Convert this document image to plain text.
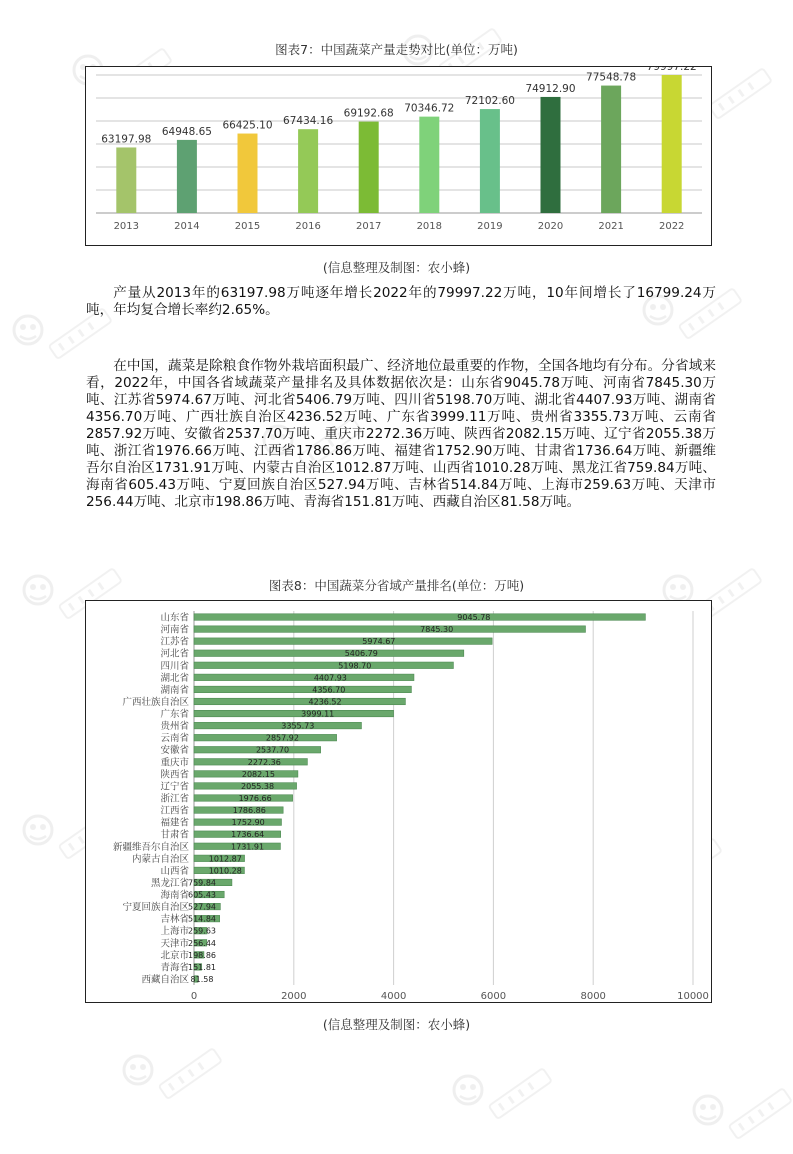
图表7：中国蔬菜产量走势对比(单位：万吨)
63197.98
2013
64948.65
2014
66425.10
2015
67434.16
2016
69192.68
2017
70346.72
2018
72102.60
2019
74912.90
2020
77548.78
2021
79997.22
2022
(信息整理及制图：农小蜂)

产量从2013年的63197.98万吨逐年增长2022年的79997.22万吨，10年间增长了16799.24万吨，年均复合增长率约2.65%。

在中国，蔬菜是除粮食作物外栽培面积最广、经济地位最重要的作物，全国各地均有分布。分省域来看，2022年，中国各省域蔬菜产量排名及具体数据依次是：山东省9045.78万吨、河南省7845.30万吨、江苏省5974.67万吨、河北省5406.79万吨、四川省5198.70万吨、湖北省4407.93万吨、湖南省4356.70万吨、广西壮族自治区4236.52万吨、广东省3999.11万吨、贵州省3355.73万吨、云南省2857.92万吨、安徽省2537.70万吨、重庆市2272.36万吨、陕西省2082.15万吨、辽宁省2055.38万吨、浙江省1976.66万吨、江西省1786.86万吨、福建省1752.90万吨、甘肃省1736.64万吨、新疆维吾尔自治区1731.91万吨、内蒙古自治区1012.87万吨、山西省1010.28万吨、黑龙江省759.84万吨、海南省605.43万吨、宁夏回族自治区527.94万吨、吉林省514.84万吨、上海市259.63万吨、天津市256.44万吨、北京市198.86万吨、青海省151.81万吨、西藏自治区81.58万吨。

图表8：中国蔬菜分省域产量排名(单位：万吨)
0	2000	4000	6000	8000	10000
山东省	9045.78
河南省	7845.30
江苏省	5974.67
河北省	5406.79
四川省	5198.70
湖北省	4407.93
湖南省	4356.70
广西壮族自治区	4236.52
广东省	3999.11
贵州省	3355.73
云南省	2857.92
安徽省	2537.70
重庆市	2272.36
陕西省	2082.15
辽宁省	2055.38
浙江省	1976.66
江西省	1786.86
福建省	1752.90
甘肃省	1736.64
新疆维吾尔自治区	1731.91
内蒙古自治区 1012.87
山西省 1010.28
黑龙江省 759.84
海南省 605.43
宁夏回族自治区 527.94
吉林省 514.84
上海市 259.63
天津市 256.44
北京市 198.86
青海省 151.81
西藏自治区 81.58
(信息整理及制图：农小蜂)
